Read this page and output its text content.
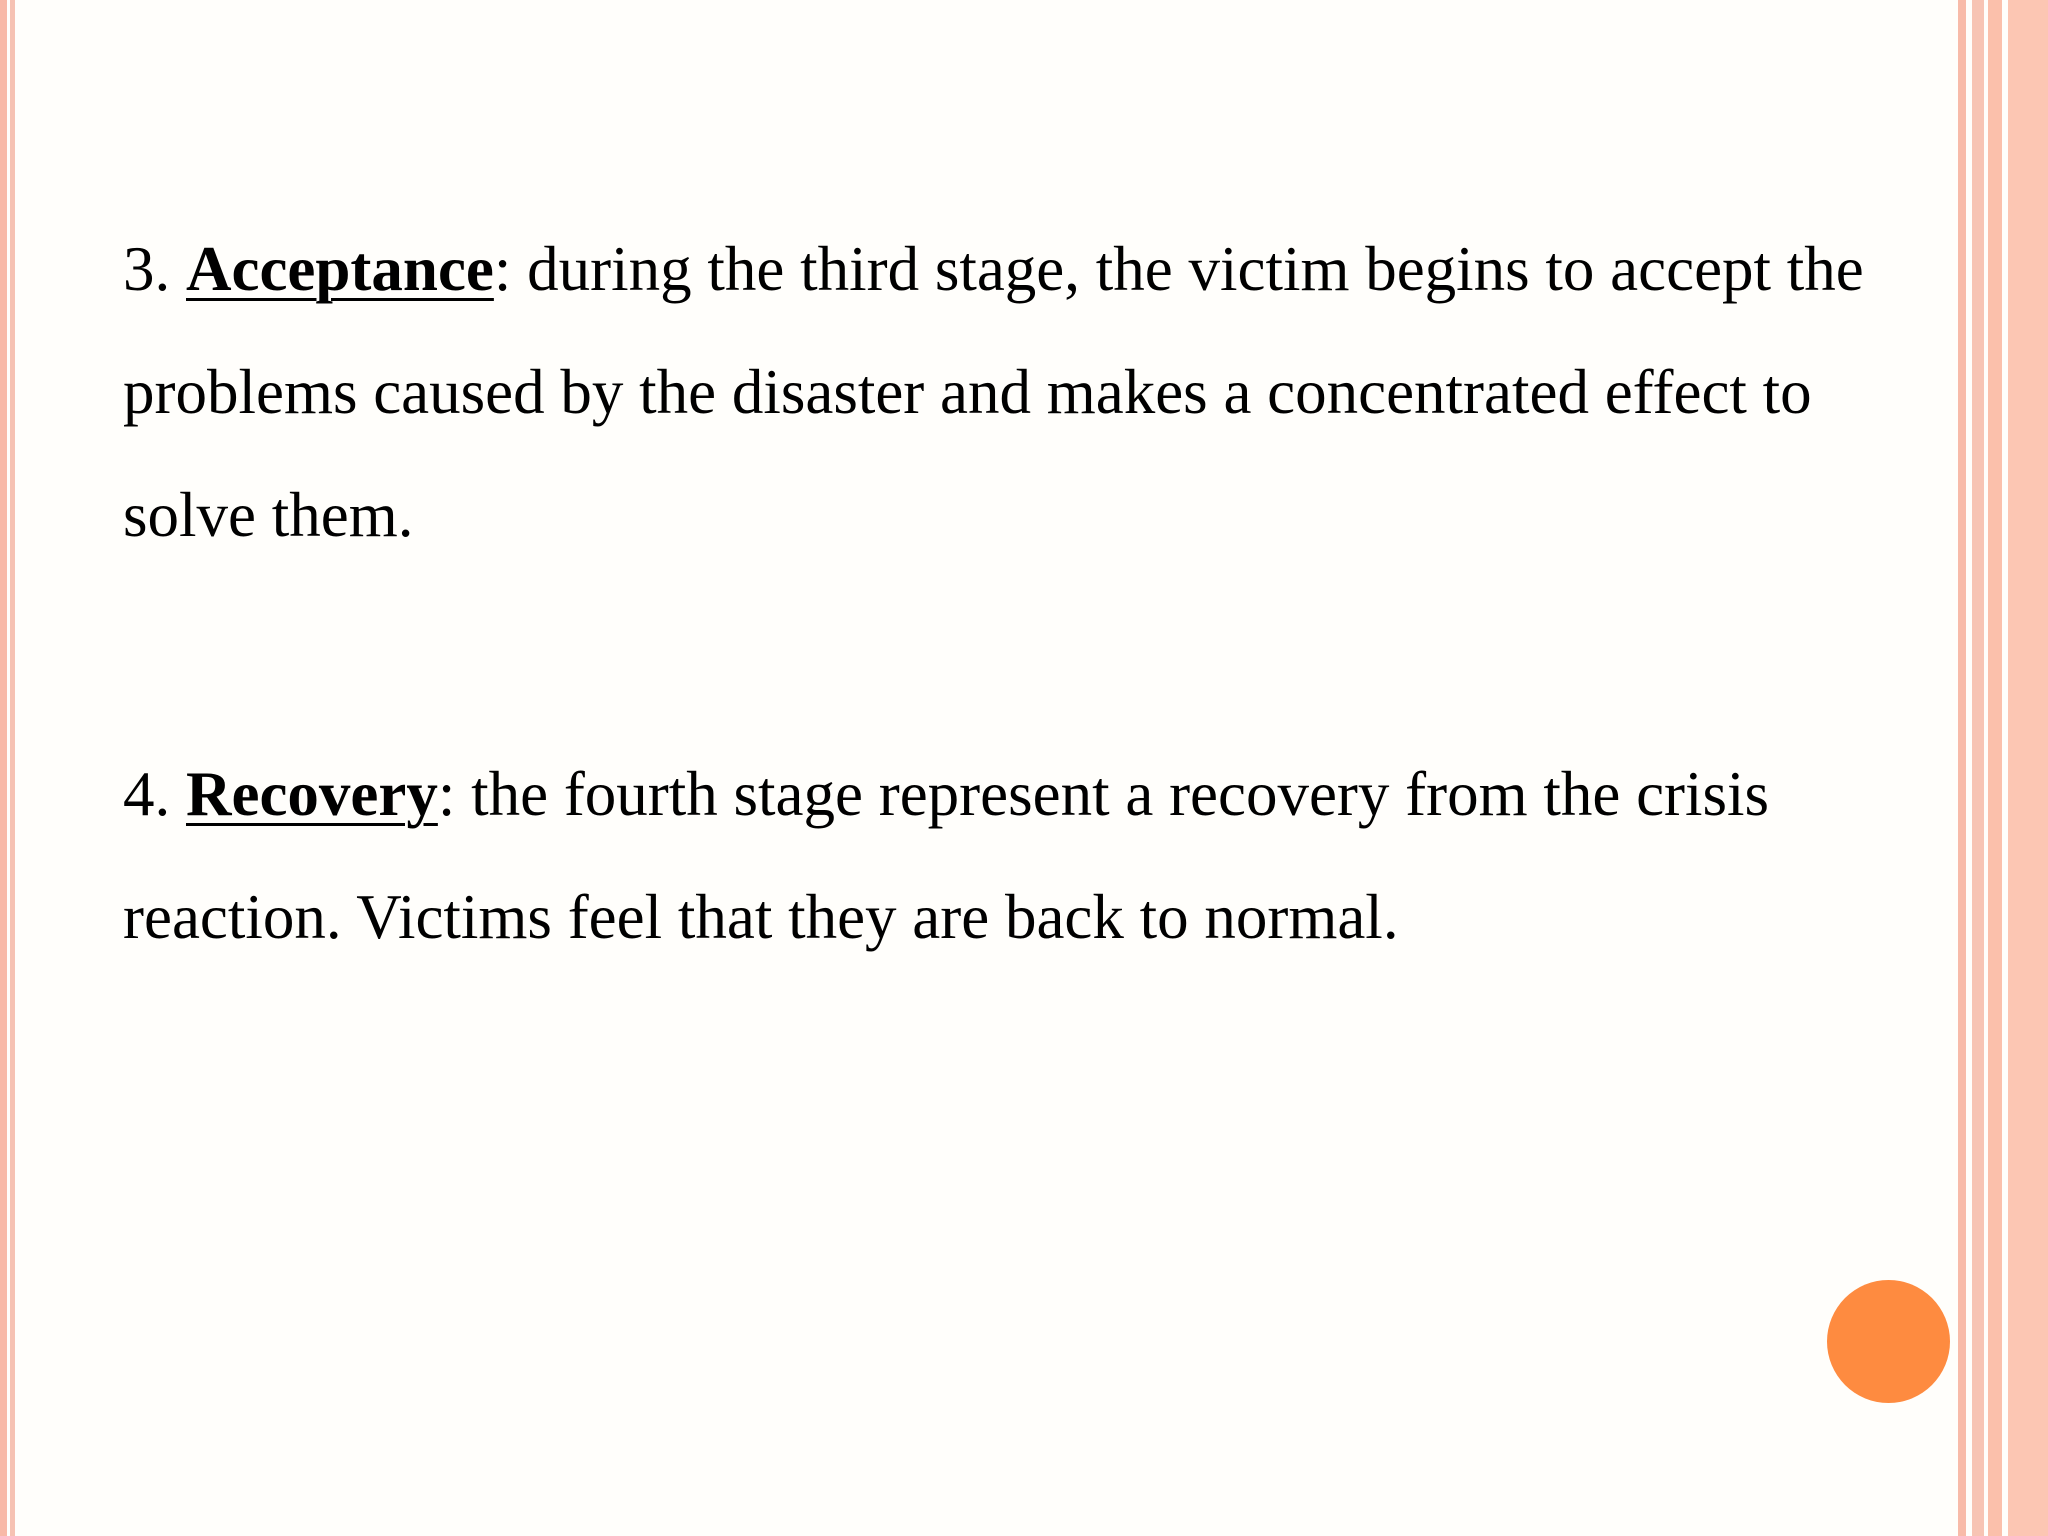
3. Acceptance: during the third stage, the victim begins to accept the problems caused by the disaster and makes a concentrated effect to solve them.

4. Recovery: the fourth stage represent a recovery from the crisis reaction. Victims feel that they are back to normal.
